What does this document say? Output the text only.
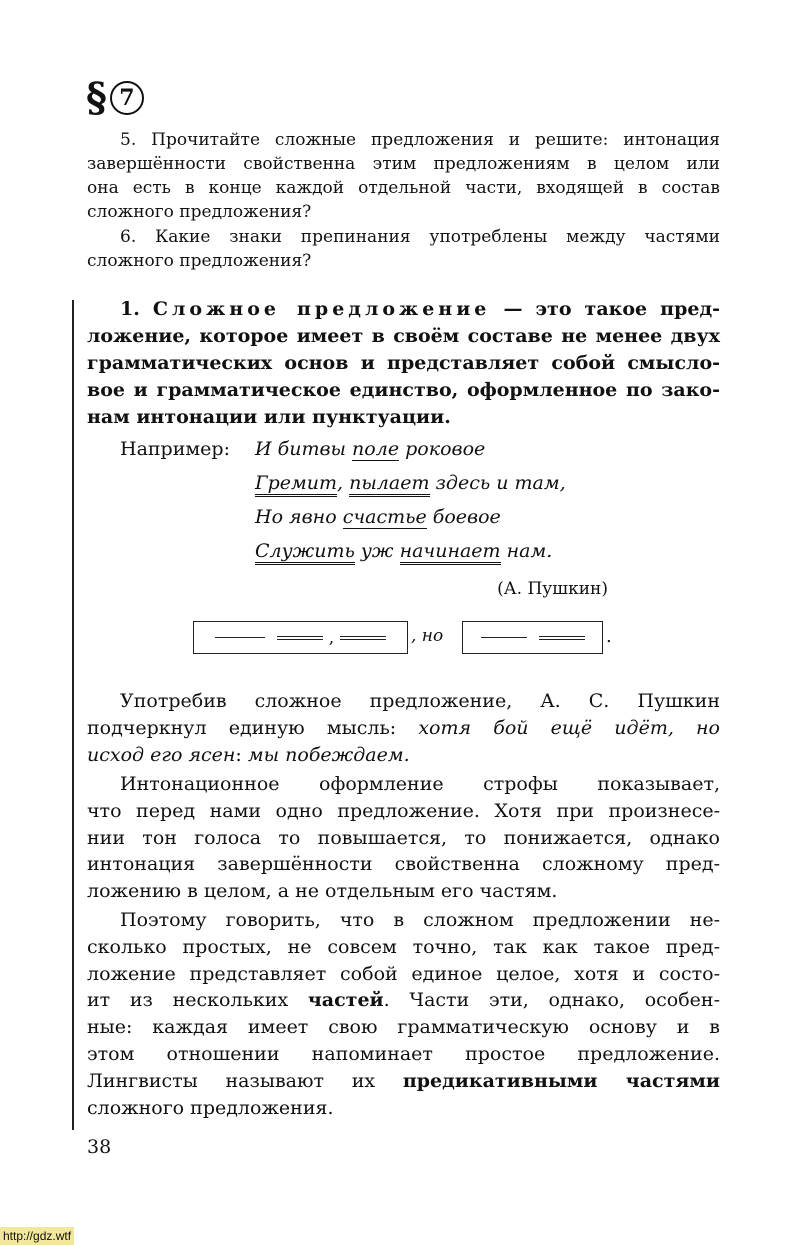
§ 7
5. Прочитайте сложные предложения и решите: интонация
завершённости свойственна этим предложениям в целом или
она есть в конце каждой отдельной части, входящей в состав
сложного предложения?
6. Какие знаки препинания употреблены между частями
сложного предложения?
1. Сложное предложение — это такое пред-
ложение, которое имеет в своём составе не менее двух
грамматических основ и представляет собой смысло-
вое и грамматическое единство, оформленное по зако-
нам интонации или пунктуации.
Например: И битвы поле роковое
Гремит, пылает здесь и там,
Но явно счастье боевое
Служить уж начинает нам.
(А. Пушкин)
,	, но	.
Употребив сложное предложение, А. С. Пушкин
подчеркнул единую мысль: хотя бой ещё идёт, но
исход его ясен: мы побеждаем.
Интонационное оформление строфы показывает,
что перед нами одно предложение. Хотя при произнесе-
нии тон голоса то повышается, то понижается, однако
интонация завершённости свойственна сложному пред-
ложению в целом, а не отдельным его частям.
Поэтому говорить, что в сложном предложении не-
сколько простых, не совсем точно, так как такое пред-
ложение представляет собой единое целое, хотя и состо-
ит из нескольких частей. Части эти, однако, особен-
ные: каждая имеет свою грамматическую основу и в
этом отношении напоминает простое предложение.
Лингвисты называют их предикативными частями
сложного предложения.
38
http://gdz.wtf
